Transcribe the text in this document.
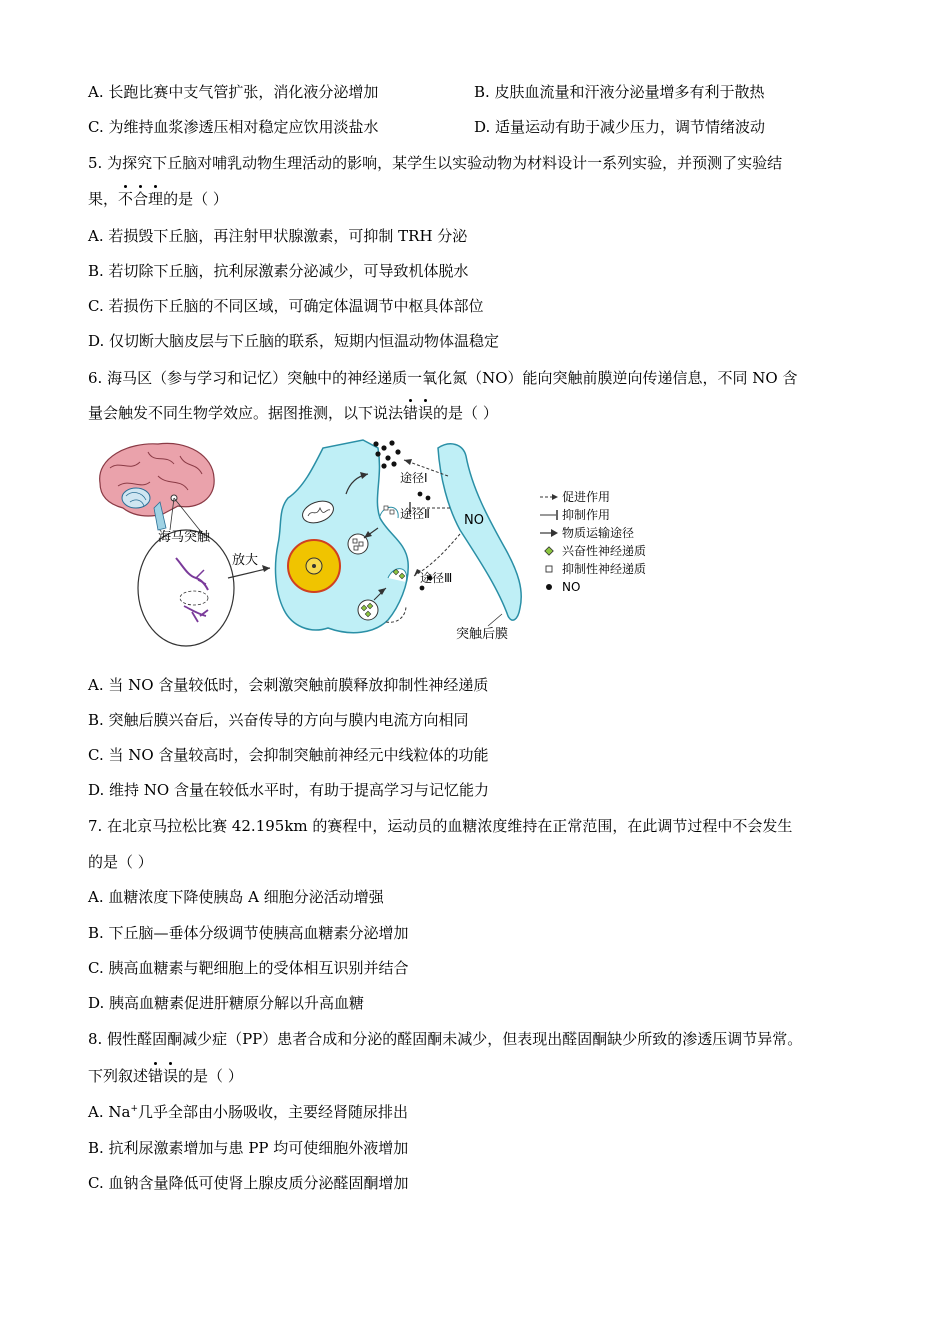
A. 长跑比赛中支气管扩张，消化液分泌增加	B. 皮肤血流量和汗液分泌量增多有利于散热
C. 为维持血浆渗透压相对稳定应饮用淡盐水	D. 适量运动有助于减少压力，调节情绪波动
5. 为探究下丘脑对哺乳动物生理活动的影响，某学生以实验动物为材料设计一系列实验，并预测了实验结
果，不合理的是（ ）
A. 若损毁下丘脑，再注射甲状腺激素，可抑制 TRH 分泌
B. 若切除下丘脑，抗利尿激素分泌减少，可导致机体脱水
C. 若损伤下丘脑的不同区域，可确定体温调节中枢具体部位
D. 仅切断大脑皮层与下丘脑的联系，短期内恒温动物体温稳定
6. 海马区（参与学习和记忆）突触中的神经递质一氧化氮（NO）能向突触前膜逆向传递信息，不同 NO 含
量会触发不同生物学效应。据图推测，以下说法错误的是（ ）
海马突触
放大
途径Ⅰ
途径Ⅱ	NO
途径Ⅲ
突触后膜
促进作用
抑制作用
物质运输途径
兴奋性神经递质
抑制性神经递质
NO
A. 当 NO 含量较低时，会刺激突触前膜释放抑制性神经递质
B. 突触后膜兴奋后，兴奋传导的方向与膜内电流方向相同
C. 当 NO 含量较高时，会抑制突触前神经元中线粒体的功能
D. 维持 NO 含量在较低水平时，有助于提高学习与记忆能力
7. 在北京马拉松比赛 42.195km 的赛程中，运动员的血糖浓度维持在正常范围，在此调节过程中不会发生
的是（ ）
A. 血糖浓度下降使胰岛 A 细胞分泌活动增强
B. 下丘脑—垂体分级调节使胰高血糖素分泌增加
C. 胰高血糖素与靶细胞上的受体相互识别并结合
D. 胰高血糖素促进肝糖原分解以升高血糖
8. 假性醛固酮减少症（PP）患者合成和分泌的醛固酮未减少，但表现出醛固酮缺少所致的渗透压调节异常。
下列叙述错误的是（ ）
A. Na+几乎全部由小肠吸收，主要经肾随尿排出
B. 抗利尿激素增加与患 PP 均可使细胞外液增加
C. 血钠含量降低可使肾上腺皮质分泌醛固酮增加
